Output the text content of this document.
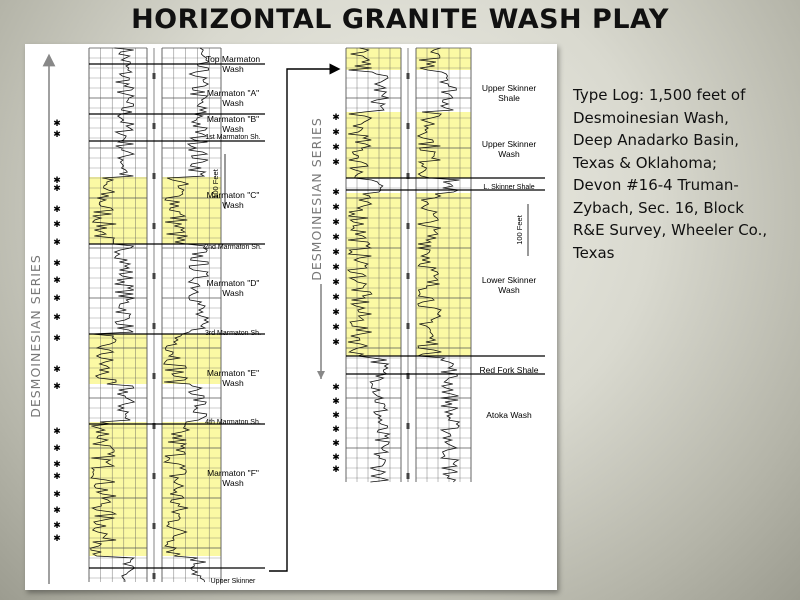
HORIZONTAL GRANITE WASH PLAY
✱
✱
✱
✱
✱
✱
✱
✱
✱
✱
✱
✱
✱
✱
✱
✱
✱
✱
✱
✱
✱
✱
✱
✱
✱
✱
✱
✱
✱
✱
✱
✱
✱
✱
✱
✱
✱
✱
✱
✱
✱
✱
✱
✱
Top Marmaton Wash
Marmaton "A" Wash
Marmaton "B" Wash
1st Marmaton Sh.
Marmaton "C" Wash
2nd Marmaton Sh.
Marmaton "D" Wash
3rd Marmaton Sh.
Marmaton "E" Wash
4th Marmaton Sh.
Marmaton "F" Wash
Upper Skinner
Upper Skinner Shale
Upper Skinner Wash
L. Skinner Shale
Lower Skinner Wash
Red Fork Shale
Atoka Wash
DESMOINESIAN SERIES
DESMOINESIAN SERIES
100 Feet
100 Feet
Type Log: 1,500 feet of
Desmoinesian Wash,
Deep Anadarko Basin,
Texas & Oklahoma;
Devon #16-4 Truman-
Zybach, Sec. 16, Block
R&E Survey, Wheeler Co.,
Texas
